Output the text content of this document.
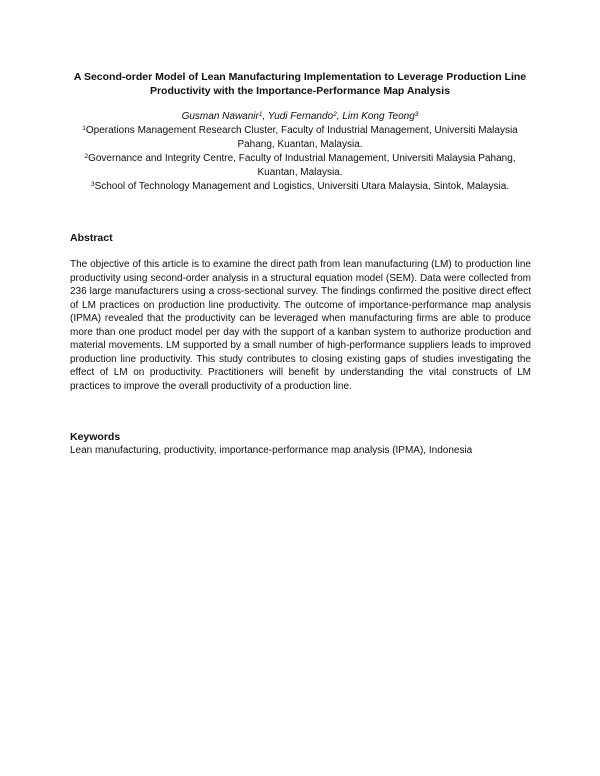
A Second-order Model of Lean Manufacturing Implementation to Leverage Production Line
Productivity with the Importance-Performance Map Analysis
Gusman Nawanir$^1$, Yudi Fernando$^2$, Lim Kong Teong$^3$
$^1$Operations Management Research Cluster, Faculty of Industrial Management, Universiti Malaysia Pahang, Kuantan, Malaysia.
$^2$Governance and Integrity Centre, Faculty of Industrial Management, Universiti Malaysia Pahang, Kuantan, Malaysia.
$^3$School of Technology Management and Logistics, Universiti Utara Malaysia, Sintok, Malaysia.
Abstract
The objective of this article is to examine the direct path from lean manufacturing (LM) to production line productivity using second-order analysis in a structural equation model (SEM). Data were collected from 236 large manufacturers using a cross-sectional survey. The findings confirmed the positive direct effect of LM practices on production line productivity. The outcome of importance-performance map analysis (IPMA) revealed that the productivity can be leveraged when manufacturing firms are able to produce more than one product model per day with the support of a kanban system to authorize production and material movements. LM supported by a small number of high-performance suppliers leads to improved production line productivity. This study contributes to closing existing gaps of studies investigating the effect of LM on productivity. Practitioners will benefit by understanding the vital constructs of LM practices to improve the overall productivity of a production line.
Keywords
Lean manufacturing, productivity, importance-performance map analysis (IPMA), Indonesia
